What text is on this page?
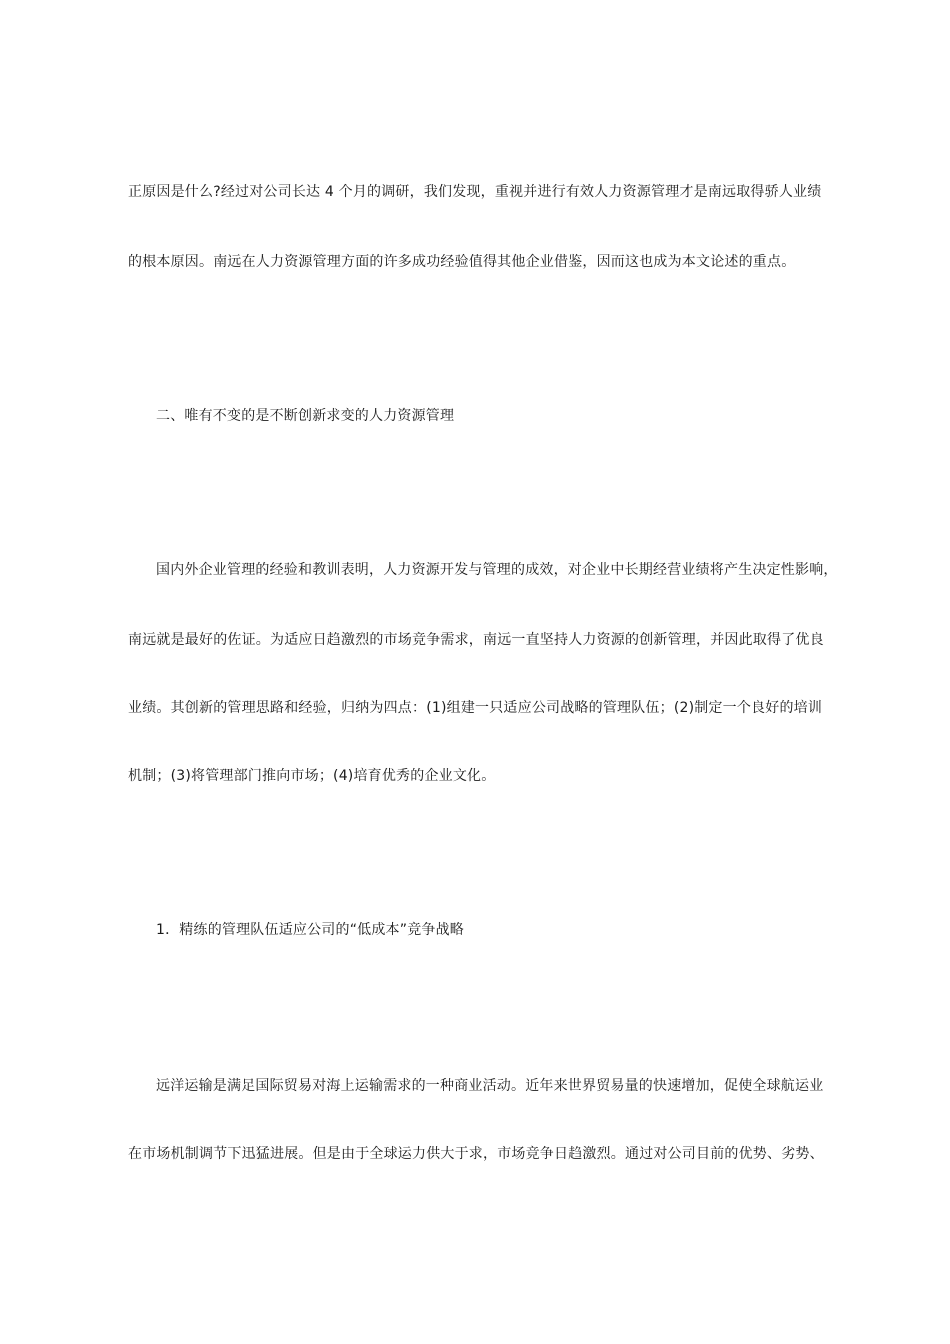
正原因是什么?经过对公司长达 4 个月的调研，我们发现，重视并进行有效人力资源管理才是南远取得骄人业绩
的根本原因。南远在人力资源管理方面的许多成功经验值得其他企业借鉴，因而这也成为本文论述的重点。
二、唯有不变的是不断创新求变的人力资源管理
国内外企业管理的经验和教训表明，人力资源开发与管理的成效，对企业中长期经营业绩将产生决定性影响，
南远就是最好的佐证。为适应日趋激烈的市场竞争需求，南远一直坚持人力资源的创新管理，并因此取得了优良
业绩。其创新的管理思路和经验，归纳为四点：(1)组建一只适应公司战略的管理队伍；(2)制定一个良好的培训
机制；(3)将管理部门推向市场；(4)培育优秀的企业文化。
1．精练的管理队伍适应公司的“低成本”竞争战略
远洋运输是满足国际贸易对海上运输需求的一种商业活动。近年来世界贸易量的快速增加，促使全球航运业
在市场机制调节下迅猛进展。但是由于全球运力供大于求，市场竞争日趋激烈。通过对公司目前的优势、劣势、
